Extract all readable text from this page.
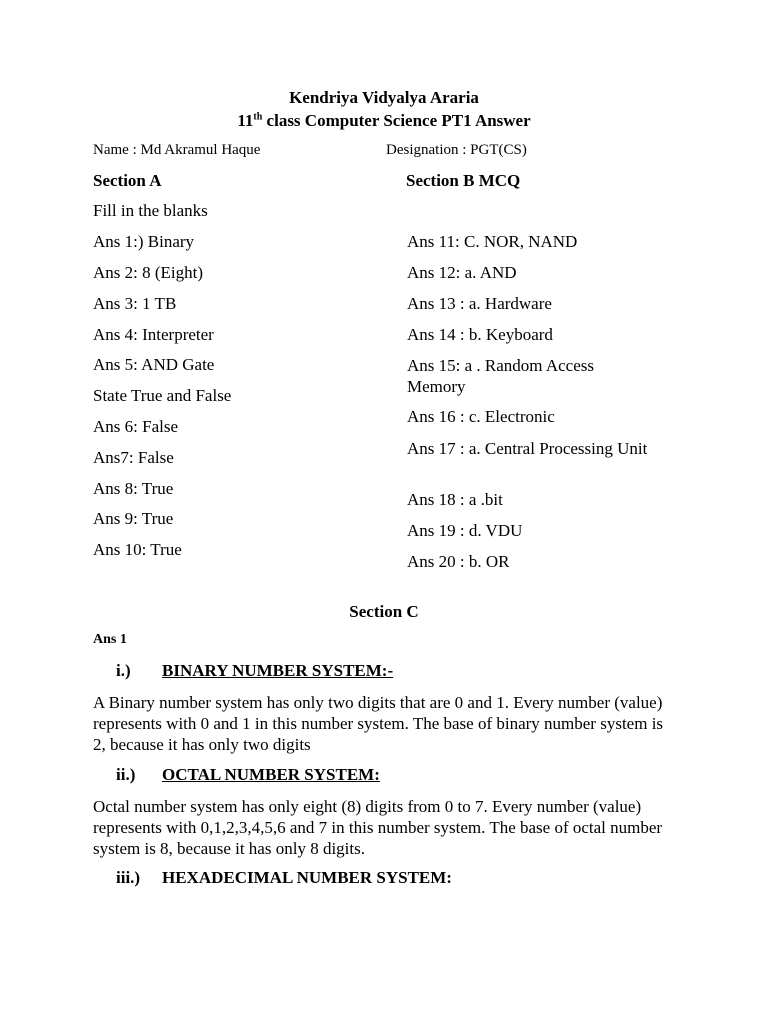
Kendriya Vidyalya Araria
11th class Computer Science PT1 Answer
Name : Md Akramul Haque	Designation : PGT(CS)
Section A
Fill in the blanks
Ans 1:) Binary
Ans 2: 8 (Eight)
Ans 3: 1 TB
Ans 4: Interpreter
Ans 5: AND Gate
State True and False
Ans 6: False
Ans7: False
Ans 8: True
Ans 9: True
Ans 10: True
Section B MCQ
Ans 11: C. NOR, NAND
Ans 12: a. AND
Ans 13 : a. Hardware
Ans 14 : b. Keyboard
Ans 15: a . Random Access Memory
Ans 16 : c. Electronic
Ans 17 : a. Central Processing Unit
Ans 18 : a .bit
Ans 19 : d. VDU
Ans 20 : b. OR
Section C
Ans 1
i.) BINARY NUMBER SYSTEM:-
A Binary number system has only two digits that are 0 and 1. Every number (value) represents with 0 and 1 in this number system. The base of binary number system is 2, because it has only two digits
ii.) OCTAL NUMBER SYSTEM:
Octal number system has only eight (8) digits from 0 to 7. Every number (value) represents with 0,1,2,3,4,5,6 and 7 in this number system. The base of octal number system is 8, because it has only 8 digits.
iii.) HEXADECIMAL NUMBER SYSTEM:
